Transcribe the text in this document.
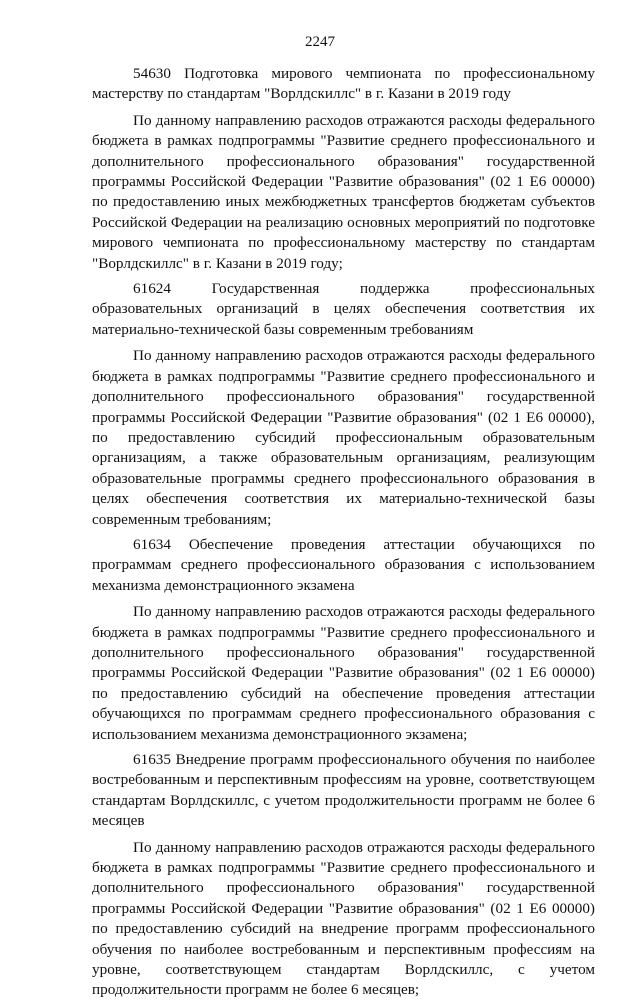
2247

54630 Подготовка мирового чемпионата по профессиональному мастерству по стандартам "Ворлдскиллс" в г. Казани в 2019 году

По данному направлению расходов отражаются расходы федерального бюджета в рамках подпрограммы "Развитие среднего профессионального и дополнительного профессионального образования" государственной программы Российской Федерации "Развитие образования" (02 1 Е6 00000) по предоставлению иных межбюджетных трансфертов бюджетам субъектов Российской Федерации на реализацию основных мероприятий по подготовке мирового чемпионата по профессиональному мастерству по стандартам "Ворлдскиллс" в г. Казани в 2019 году;

61624 Государственная поддержка профессиональных образовательных организаций в целях обеспечения соответствия их материально-технической базы современным требованиям

По данному направлению расходов отражаются расходы федерального бюджета в рамках подпрограммы "Развитие среднего профессионального и дополнительного профессионального образования" государственной программы Российской Федерации "Развитие образования" (02 1 Е6 00000), по предоставлению субсидий профессиональным образовательным организациям, а также образовательным организациям, реализующим образовательные программы среднего профессионального образования в целях обеспечения соответствия их материально-технической базы современным требованиям;

61634 Обеспечение проведения аттестации обучающихся по программам среднего профессионального образования с использованием механизма демонстрационного экзамена

По данному направлению расходов отражаются расходы федерального бюджета в рамках подпрограммы "Развитие среднего профессионального и дополнительного профессионального образования" государственной программы Российской Федерации "Развитие образования" (02 1 Е6 00000) по предоставлению субсидий на обеспечение проведения аттестации обучающихся по программам среднего профессионального образования с использованием механизма демонстрационного экзамена;

61635 Внедрение программ профессионального обучения по наиболее востребованным и перспективным профессиям на уровне, соответствующем стандартам Ворлдскиллс, с учетом продолжительности программ не более 6 месяцев

По данному направлению расходов отражаются расходы федерального бюджета в рамках подпрограммы "Развитие среднего профессионального и дополнительного профессионального образования" государственной программы Российской Федерации "Развитие образования" (02 1 Е6 00000) по предоставлению субсидий на внедрение программ профессионального обучения по наиболее востребованным и перспективным профессиям на уровне, соответствующем стандартам Ворлдскиллс, с учетом продолжительности программ не более 6 месяцев;
